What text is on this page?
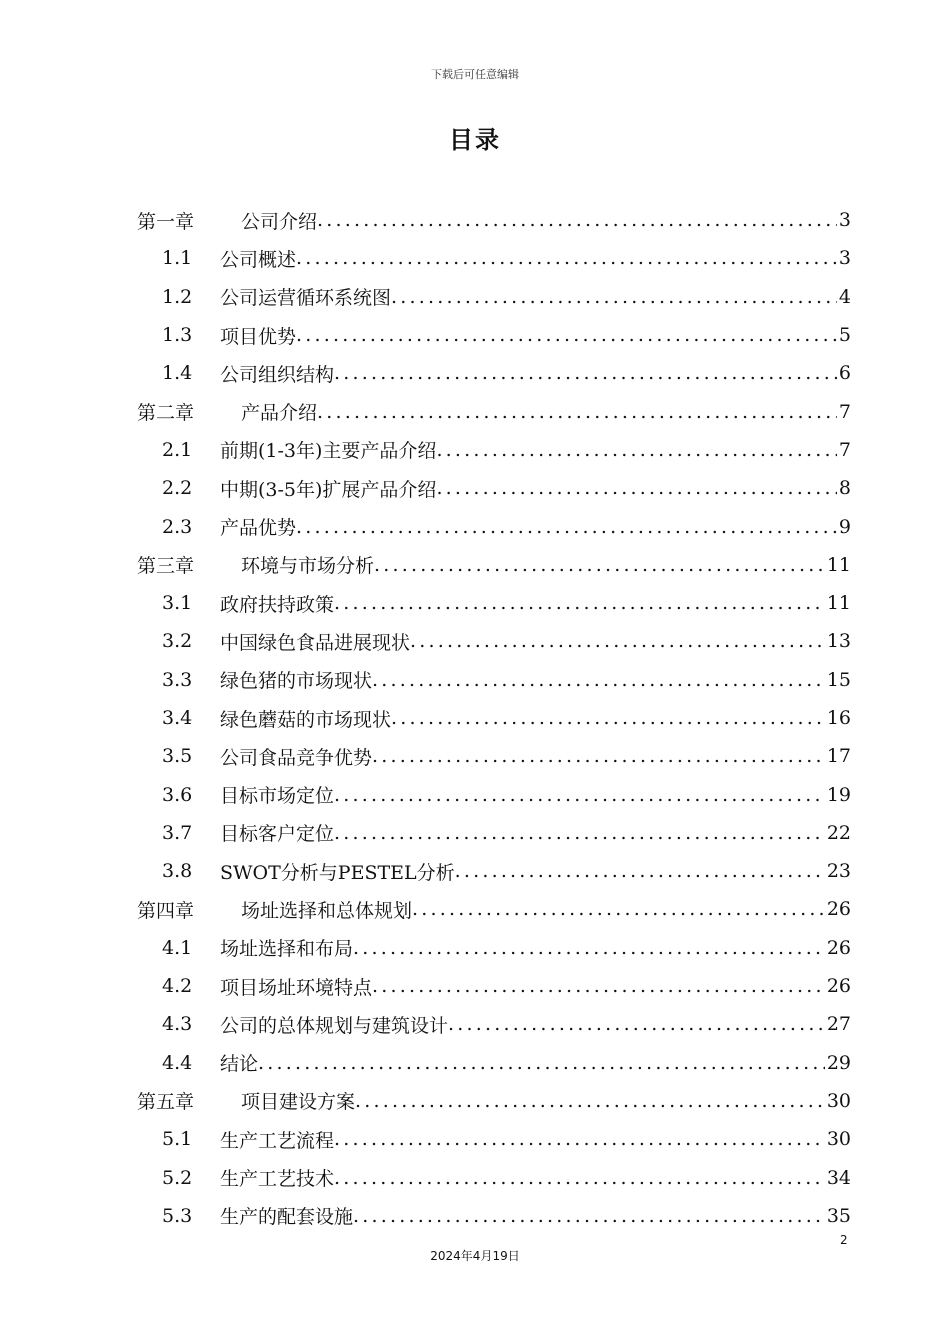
下载后可任意编辑
目录
第一章	公司介绍 .....	3
1.1	公司概述 .....	3
1.2	公司运营循环系统图 .....	4
1.3	项目优势 .....	5
1.4	公司组织结构 .....	6
第二章	产品介绍 .....	7
2.1	前期(1-3年)主要产品介绍 .....	7
2.2	中期(3-5年)扩展产品介绍 .....	8
2.3	产品优势 .....	9
第三章	环境与市场分析 .....	11
3.1	政府扶持政策 .....	11
3.2	中国绿色食品进展现状 .....	13
3.3	绿色猪的市场现状 .....	15
3.4	绿色蘑菇的市场现状 .....	16
3.5	公司食品竞争优势 .....	17
3.6	目标市场定位 .....	19
3.7	目标客户定位 .....	22
3.8	SWOT分析与PESTEL分析 .....	23
第四章	场址选择和总体规划 .....	26
4.1	场址选择和布局 .....	26
4.2	项目场址环境特点 .....	26
4.3	公司的总体规划与建筑设计 .....	27
4.4	结论 .....	29
第五章	项目建设方案 .....	30
5.1	生产工艺流程 .....	30
5.2	生产工艺技术 .....	34
5.3	生产的配套设施 .....	35
2
2024年4月19日
